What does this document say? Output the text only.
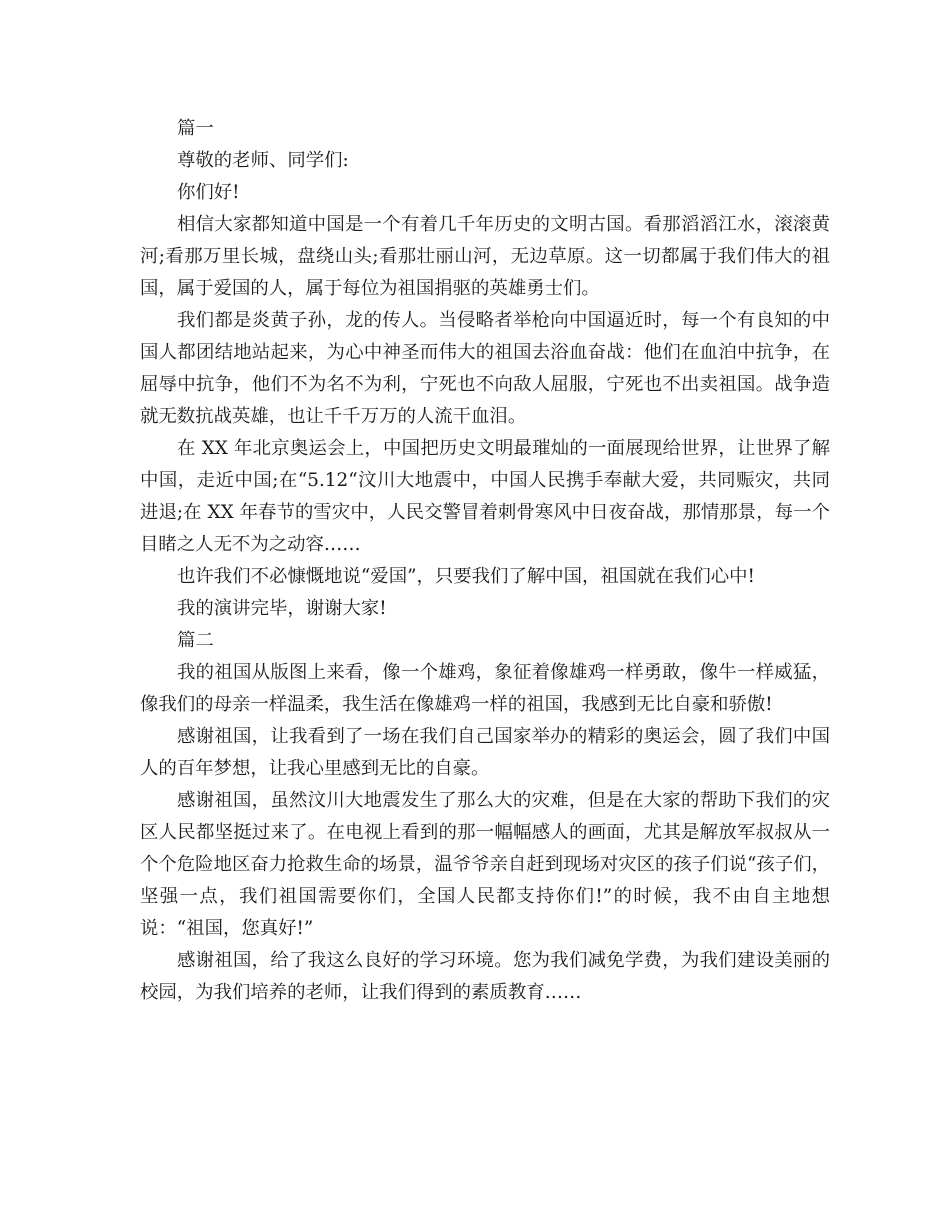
篇一

尊敬的老师、同学们:

你们好!

相信大家都知道中国是一个有着几千年历史的文明古国。看那滔滔江水，滚滚黄河;看那万里长城，盘绕山头;看那壮丽山河，无边草原。这一切都属于我们伟大的祖国，属于爱国的人，属于每位为祖国捐驱的英雄勇士们。

我们都是炎黄子孙，龙的传人。当侵略者举枪向中国逼近时，每一个有良知的中国人都团结地站起来，为心中神圣而伟大的祖国去浴血奋战：他们在血泊中抗争，在屈辱中抗争，他们不为名不为利，宁死也不向敌人屈服，宁死也不出卖祖国。战争造就无数抗战英雄，也让千千万万的人流干血泪。

在 XX 年北京奥运会上，中国把历史文明最璀灿的一面展现给世界，让世界了解中国，走近中国;在“5.12“汶川大地震中，中国人民携手奉献大爱，共同赈灾，共同进退;在 XX 年春节的雪灾中，人民交警冒着刺骨寒风中日夜奋战，那情那景，每一个目睹之人无不为之动容……

也许我们不必慷慨地说“爱国”，只要我们了解中国，祖国就在我们心中!

我的演讲完毕，谢谢大家!

篇二

我的祖国从版图上来看，像一个雄鸡，象征着像雄鸡一样勇敢，像牛一样威猛，像我们的母亲一样温柔，我生活在像雄鸡一样的祖国，我感到无比自豪和骄傲!

感谢祖国，让我看到了一场在我们自己国家举办的精彩的奥运会，圆了我们中国人的百年梦想，让我心里感到无比的自豪。

感谢祖国，虽然汶川大地震发生了那么大的灾难，但是在大家的帮助下我们的灾区人民都坚挺过来了。在电视上看到的那一幅幅感人的画面，尤其是解放军叔叔从一个个危险地区奋力抢救生命的场景，温爷爷亲自赶到现场对灾区的孩子们说“孩子们，坚强一点，我们祖国需要你们，全国人民都支持你们!”的时候，我不由自主地想说：“祖国，您真好!”

感谢祖国，给了我这么良好的学习环境。您为我们减免学费，为我们建设美丽的校园，为我们培养的老师，让我们得到的素质教育……
